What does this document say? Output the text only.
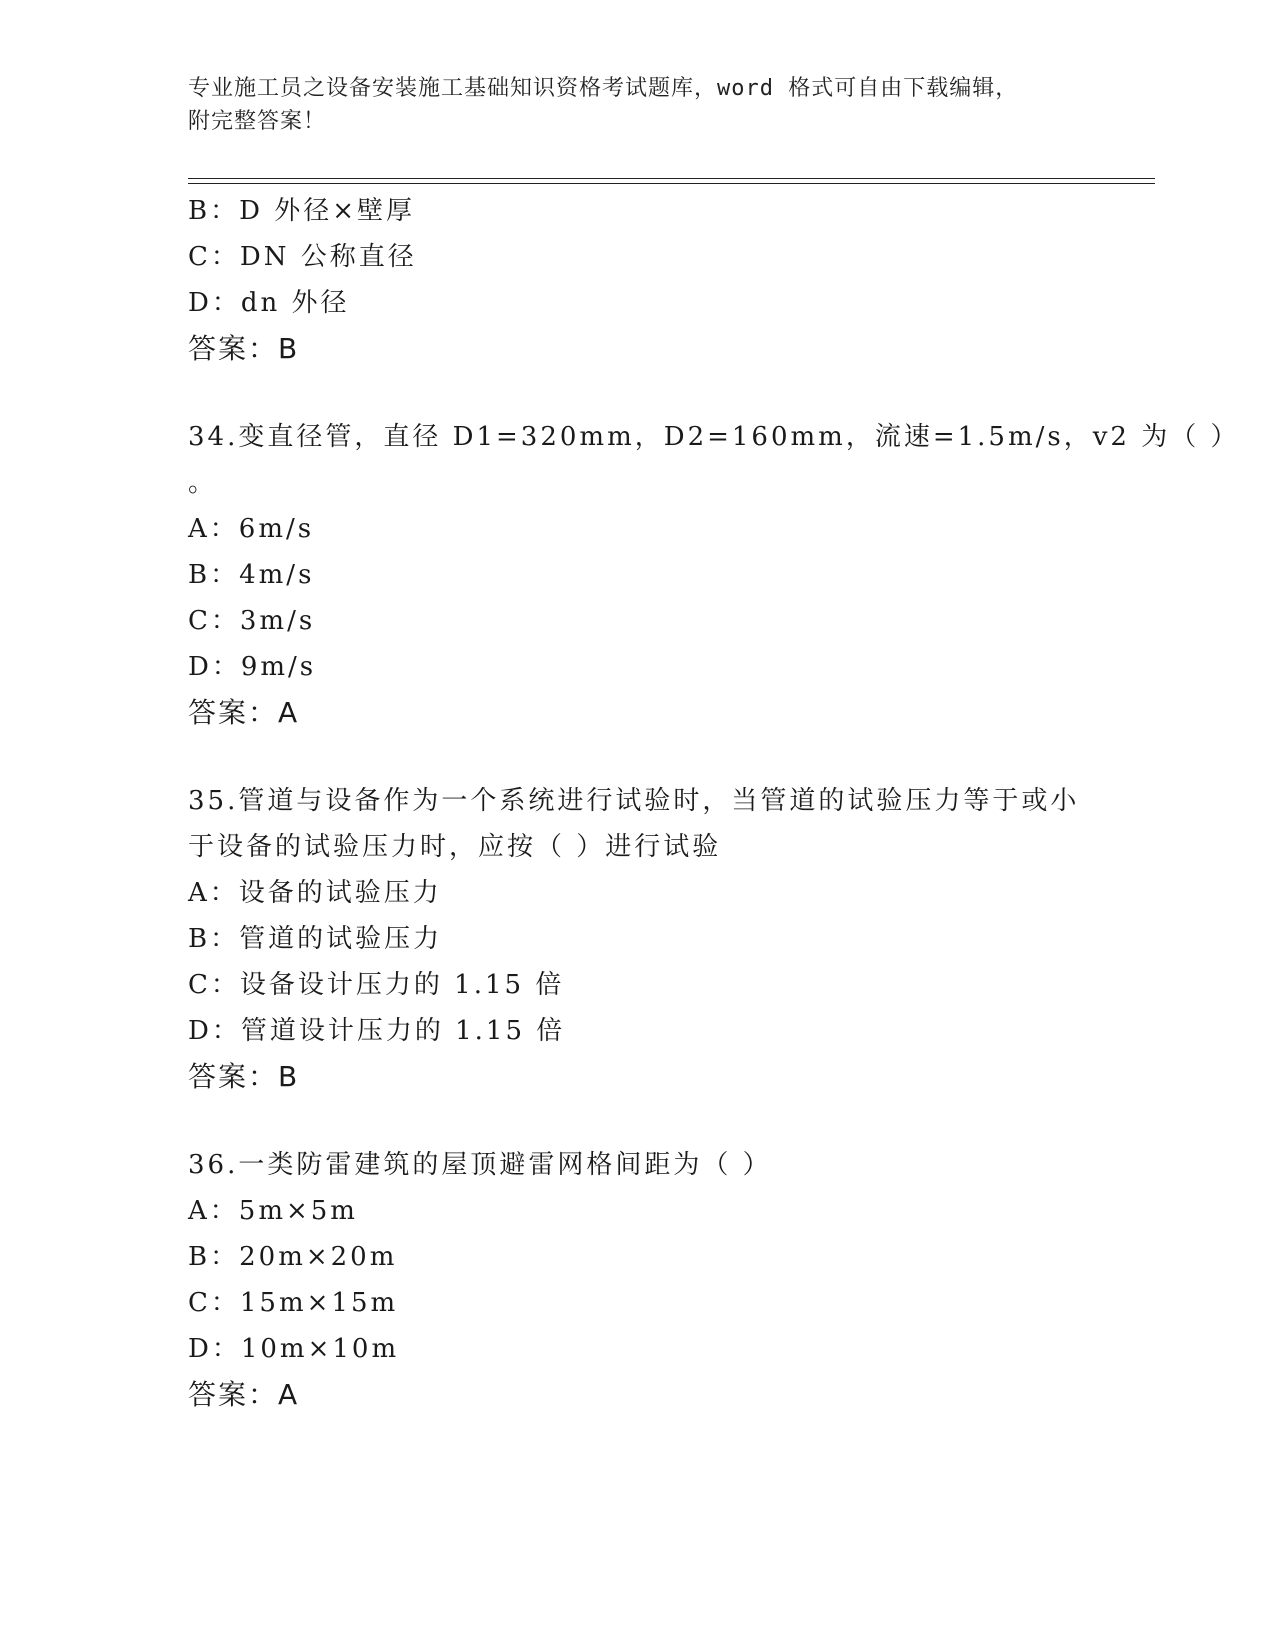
专业施工员之设备安装施工基础知识资格考试题库，word 格式可自由下载编辑，
附完整答案！
B：D 外径×壁厚
C：DN 公称直径
D：dn 外径
答案：B
34.变直径管，直径 D1=320mm，D2=160mm，流速=1.5m/s，v2 为（ ）
。
A：6m/s
B：4m/s
C：3m/s
D：9m/s
答案：A
35.管道与设备作为一个系统进行试验时，当管道的试验压力等于或小
于设备的试验压力时，应按（ ）进行试验
A：设备的试验压力
B：管道的试验压力
C：设备设计压力的 1.15 倍
D：管道设计压力的 1.15 倍
答案：B
36.一类防雷建筑的屋顶避雷网格间距为（ ）
A：5m×5m
B：20m×20m
C：15m×15m
D：10m×10m
答案：A
